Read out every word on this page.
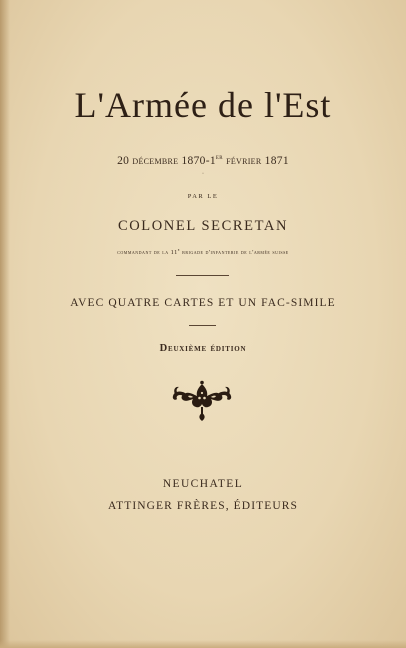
L'Armée de l'Est
20 décembre 1870-1er février 1871
·
PAR LE
COLONEL SECRETAN
commandant de la 11e brigade d'infanterie de l'armée suisse
AVEC QUATRE CARTES ET UN FAC-SIMILE
Deuxième édition
NEUCHATEL
ATTINGER FRÈRES, ÉDITEURS
